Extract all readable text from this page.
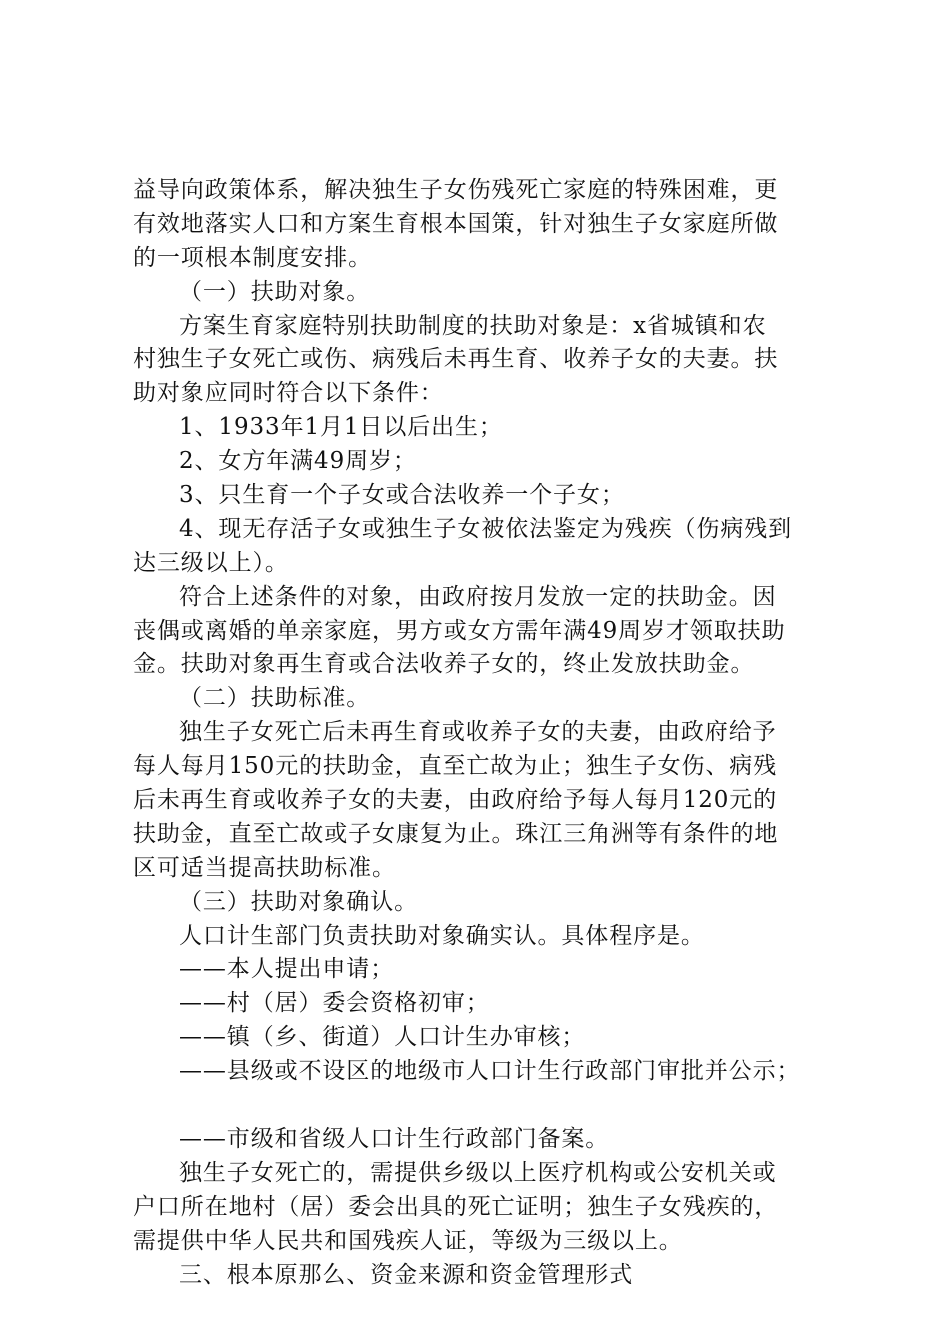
益导向政策体系，解决独生子女伤残死亡家庭的特殊困难，更
有效地落实人口和方案生育根本国策，针对独生子女家庭所做
的一项根本制度安排。
（一）扶助对象。
方案生育家庭特别扶助制度的扶助对象是：x省城镇和农
村独生子女死亡或伤、病残后未再生育、收养子女的夫妻。扶
助对象应同时符合以下条件：
1、1933年1月1日以后出生；
2、女方年满49周岁；
3、只生育一个子女或合法收养一个子女；
4、现无存活子女或独生子女被依法鉴定为残疾（伤病残到
达三级以上）。
符合上述条件的对象，由政府按月发放一定的扶助金。因
丧偶或离婚的单亲家庭，男方或女方需年满49周岁才领取扶助
金。扶助对象再生育或合法收养子女的，终止发放扶助金。
（二）扶助标准。
独生子女死亡后未再生育或收养子女的夫妻，由政府给予
每人每月150元的扶助金，直至亡故为止；独生子女伤、病残
后未再生育或收养子女的夫妻，由政府给予每人每月120元的
扶助金，直至亡故或子女康复为止。珠江三角洲等有条件的地
区可适当提高扶助标准。
（三）扶助对象确认。
人口计生部门负责扶助对象确实认。具体程序是。
——本人提出申请；
——村（居）委会资格初审；
——镇（乡、街道）人口计生办审核；
——县级或不设区的地级市人口计生行政部门审批并公示；
——市级和省级人口计生行政部门备案。
独生子女死亡的，需提供乡级以上医疗机构或公安机关或
户口所在地村（居）委会出具的死亡证明；独生子女残疾的，
需提供中华人民共和国残疾人证，等级为三级以上。
三、根本原那么、资金来源和资金管理形式
